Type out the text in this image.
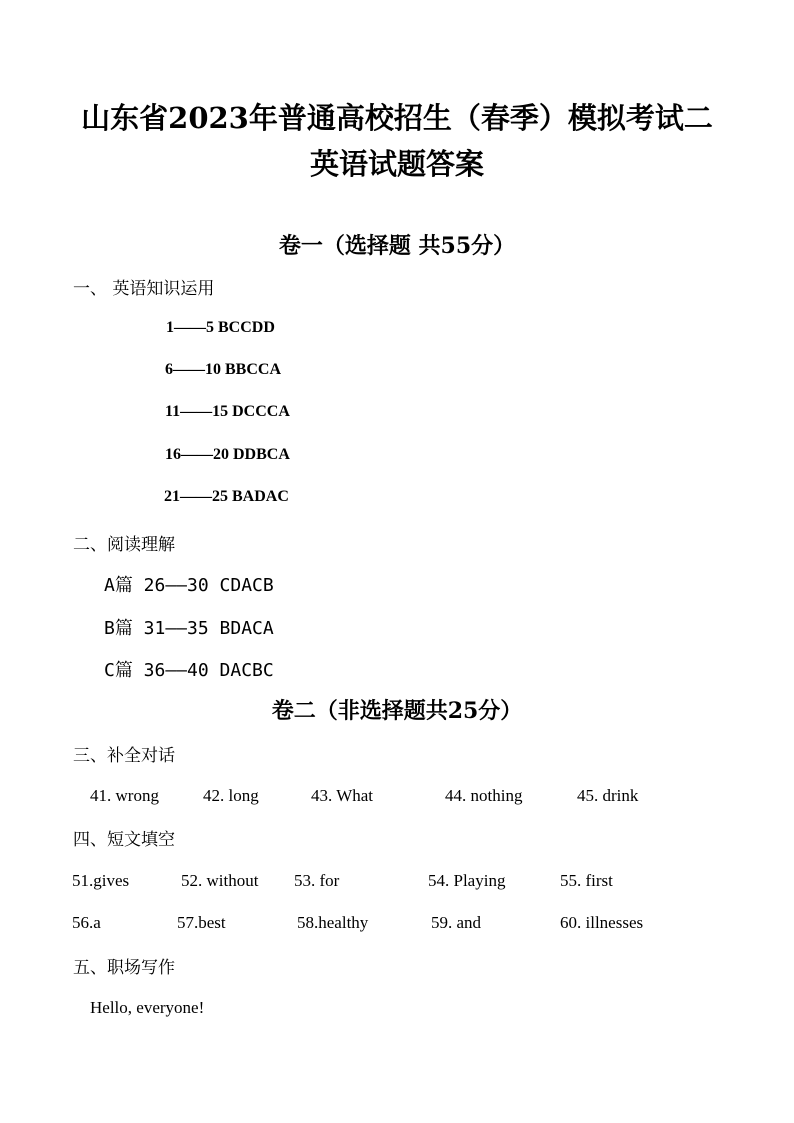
山东省2023年普通高校招生（春季）模拟考试二
英语试题答案
卷一（选择题 共55分）
一、 英语知识运用
1——5 BCCDD
6——10 BBCCA
11——15 DCCCA
16——20 DDBCA
21——25 BADAC
二、阅读理解
A篇 26——30 CDACB
B篇 31——35 BDACA
C篇 36——40 DACBC
卷二（非选择题共25分）
三、补全对话
41. wrong	42. long	43. What	44. nothing	45. drink
四、短文填空
51.gives	52. without 53. for	54. Playing	55. first
56.a	57.best	58.healthy	59. and	60. illnesses
五、职场写作
Hello, everyone!
